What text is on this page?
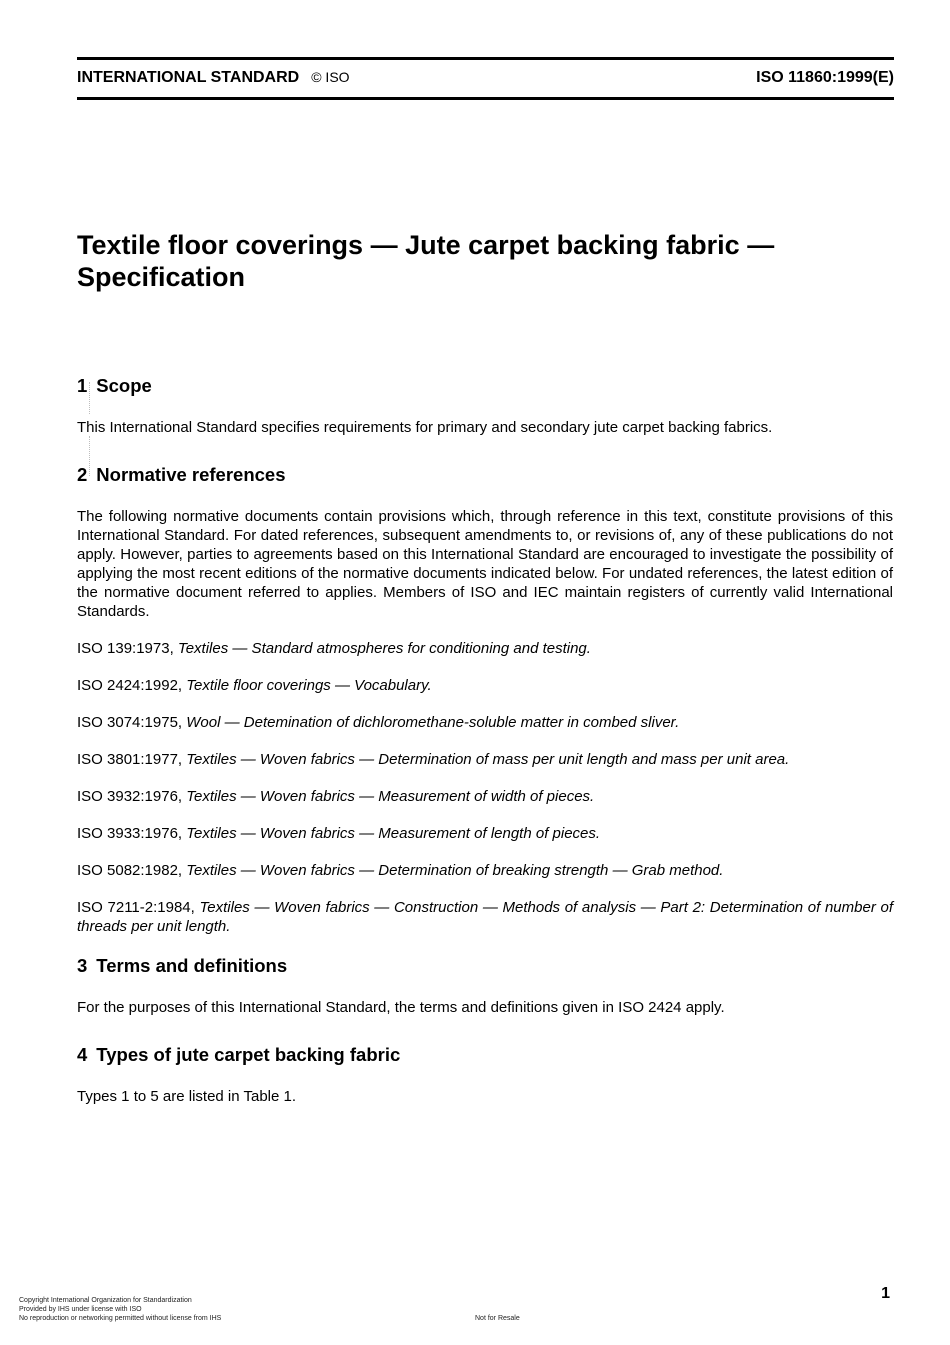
INTERNATIONAL STANDARD © ISO	ISO 11860:1999(E)
Textile floor coverings — Jute carpet backing fabric —
Specification
1 Scope

This International Standard specifies requirements for primary and secondary jute carpet backing fabrics.

2 Normative references

The following normative documents contain provisions which, through reference in this text, constitute provisions of this International Standard. For dated references, subsequent amendments to, or revisions of, any of these publications do not apply. However, parties to agreements based on this International Standard are encouraged to investigate the possibility of applying the most recent editions of the normative documents indicated below. For undated references, the latest edition of the normative document referred to applies. Members of ISO and IEC maintain registers of currently valid International Standards.

ISO 139:1973, Textiles — Standard atmospheres for conditioning and testing.

ISO 2424:1992, Textile floor coverings — Vocabulary.

ISO 3074:1975, Wool — Detemination of dichloromethane-soluble matter in combed sliver.

ISO 3801:1977, Textiles — Woven fabrics — Determination of mass per unit length and mass per unit area.

ISO 3932:1976, Textiles — Woven fabrics — Measurement of width of pieces.

ISO 3933:1976, Textiles — Woven fabrics — Measurement of length of pieces.

ISO 5082:1982, Textiles — Woven fabrics — Determination of breaking strength — Grab method.

ISO 7211-2:1984, Textiles — Woven fabrics — Construction — Methods of analysis — Part 2: Determination of number of threads per unit length.

3 Terms and definitions

For the purposes of this International Standard, the terms and definitions given in ISO 2424 apply.

4 Types of jute carpet backing fabric

Types 1 to 5 are listed in Table 1.

1
Copyright International Organization for Standardization
Provided by IHS under license with ISO
No reproduction or networking permitted without license from IHS	Not for Resale
